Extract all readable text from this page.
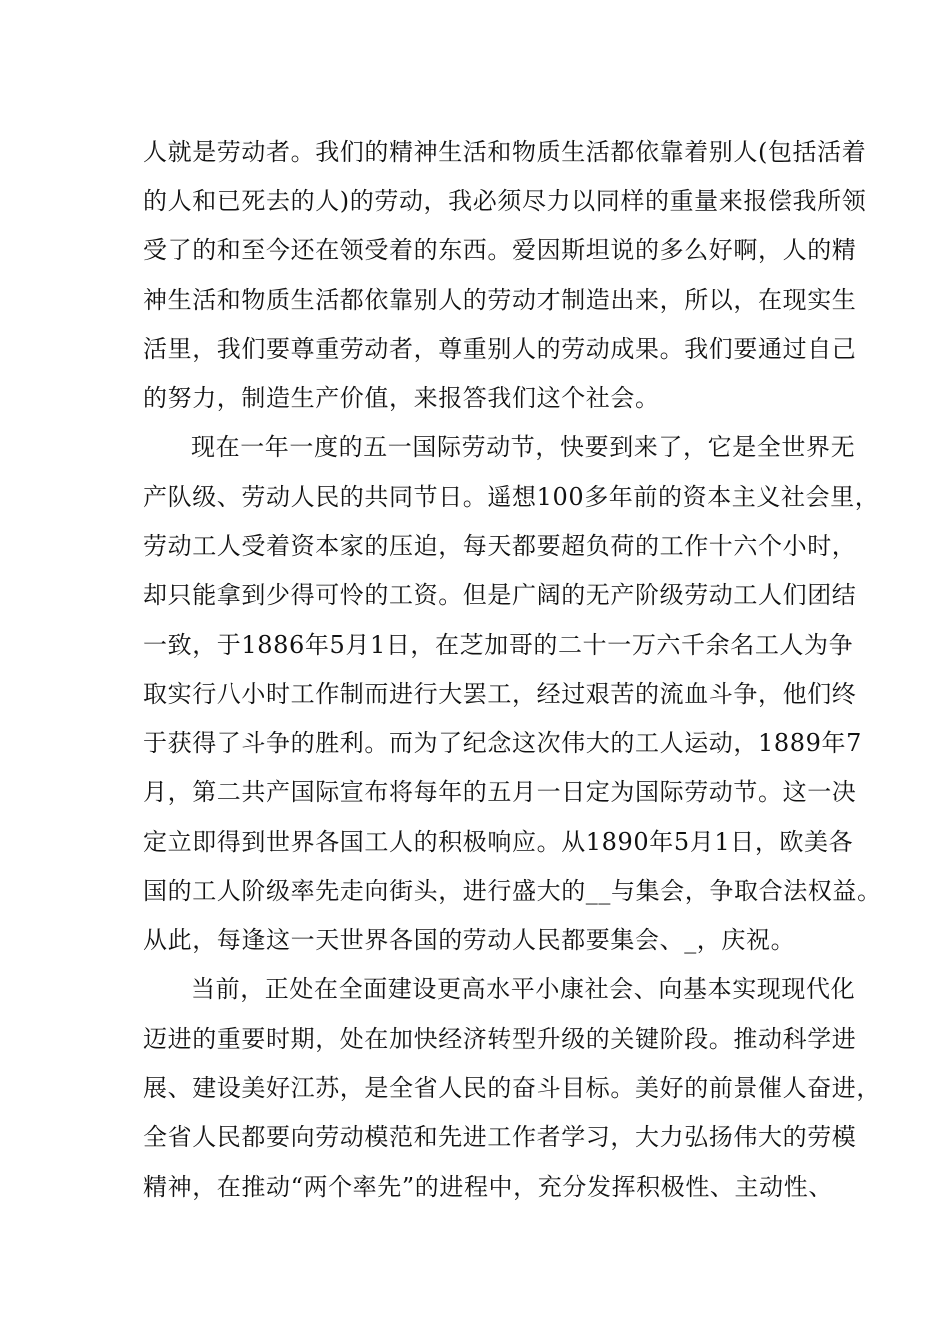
人就是劳动者。我们的精神生活和物质生活都依靠着别人(包括活着

的人和已死去的人)的劳动，我必须尽力以同样的重量来报偿我所领

受了的和至今还在领受着的东西。爱因斯坦说的多么好啊，人的精

神生活和物质生活都依靠别人的劳动才制造出来，所以，在现实生

活里，我们要尊重劳动者，尊重别人的劳动成果。我们要通过自己

的努力，制造生产价值，来报答我们这个社会。

现在一年一度的五一国际劳动节，快要到来了，它是全世界无

产队级、劳动人民的共同节日。遥想100多年前的资本主义社会里，

劳动工人受着资本家的压迫，每天都要超负荷的工作十六个小时，

却只能拿到少得可怜的工资。但是广阔的无产阶级劳动工人们团结

一致，于1886年5月1日，在芝加哥的二十一万六千余名工人为争

取实行八小时工作制而进行大罢工，经过艰苦的流血斗争，他们终

于获得了斗争的胜利。而为了纪念这次伟大的工人运动，1889年7

月，第二共产国际宣布将每年的五月一日定为国际劳动节。这一决

定立即得到世界各国工人的积极响应。从1890年5月1日，欧美各

国的工人阶级率先走向街头，进行盛大的__与集会，争取合法权益。

从此，每逢这一天世界各国的劳动人民都要集会、_，庆祝。

当前，正处在全面建设更高水平小康社会、向基本实现现代化

迈进的重要时期，处在加快经济转型升级的关键阶段。推动科学进

展、建设美好江苏，是全省人民的奋斗目标。美好的前景催人奋进，

全省人民都要向劳动模范和先进工作者学习，大力弘扬伟大的劳模

精神，在推动“两个率先”的进程中，充分发挥积极性、主动性、
